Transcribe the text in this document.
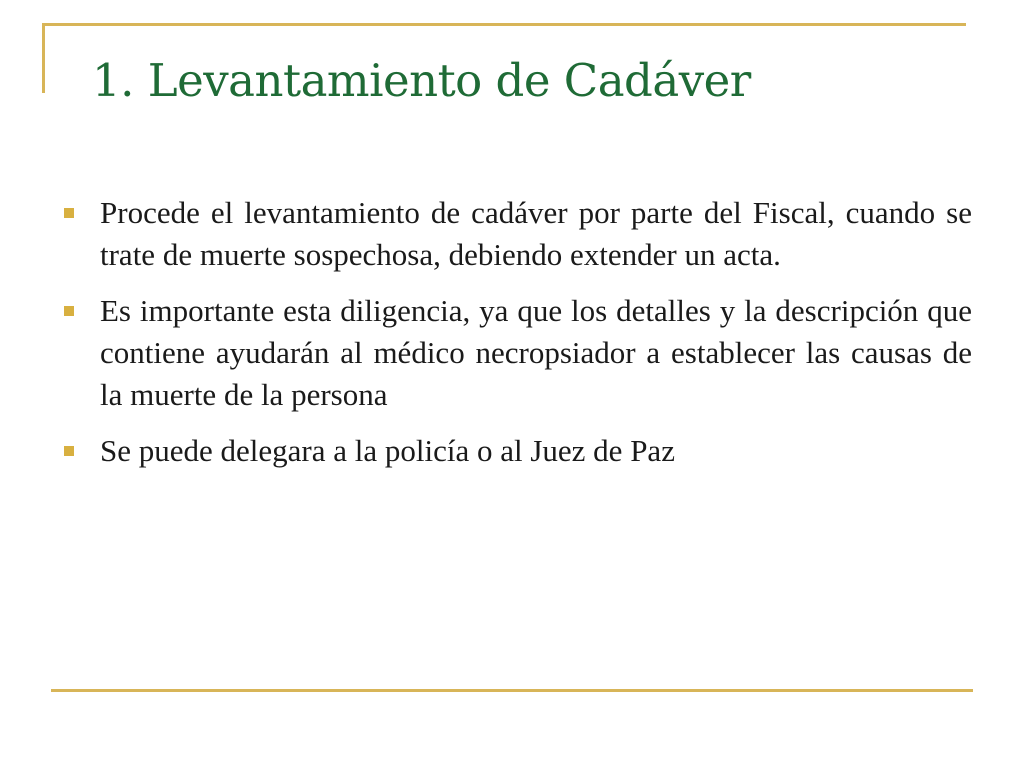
1. Levantamiento de Cadáver
Procede el levantamiento de cadáver por parte del Fiscal, cuando se trate de muerte sospechosa, debiendo extender un acta.
Es importante esta diligencia, ya que los detalles y la descripción que contiene ayudarán al médico necropsiador a establecer las causas de la muerte de la persona
Se puede delegara a la policía o al Juez de Paz
